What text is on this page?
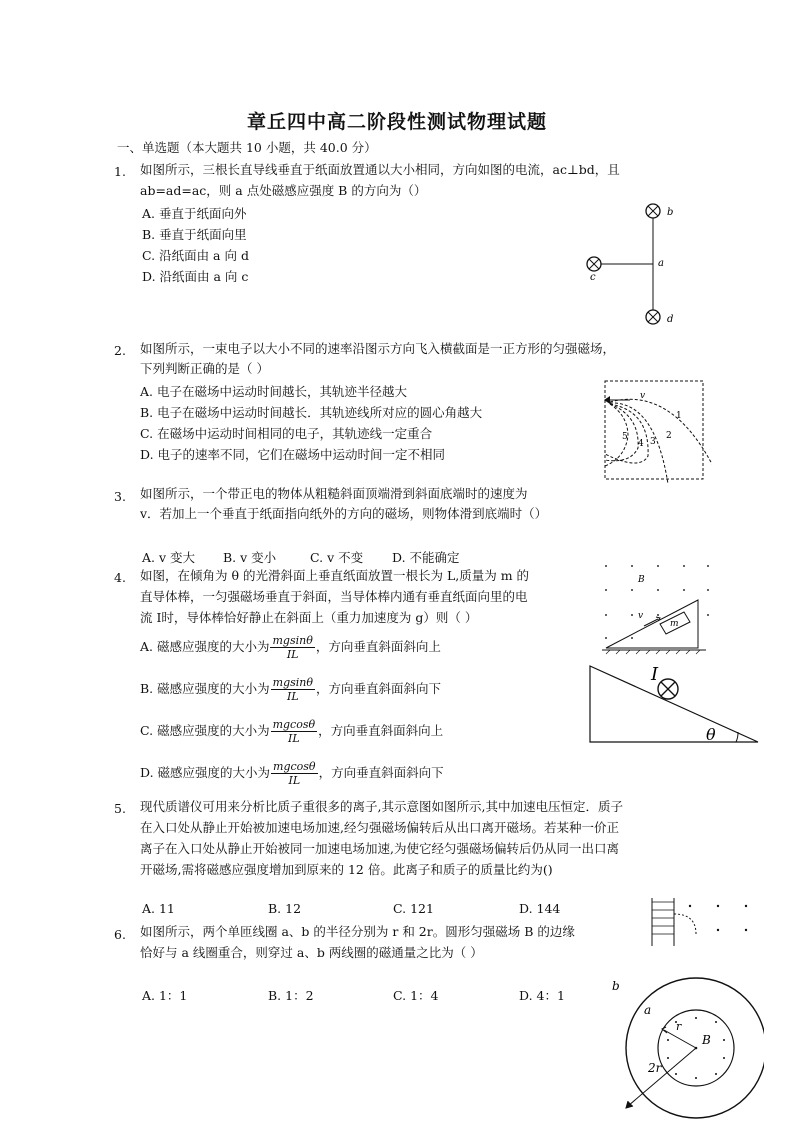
章丘四中高二阶段性测试物理试题
一、单选题（本大题共 10 小题，共 40.0 分）
1. 如图所示，三根长直导线垂直于纸面放置通以大小相同，方向如图的电流，ac⊥bd，且
ab=ad=ac，则 a 点处磁感应强度 B 的方向为（）
A. 垂直于纸面向外
B. 垂直于纸面向里
C. 沿纸面由 a 向 d
D. 沿纸面由 a 向 c
b
a
c
d
2. 如图所示，一束电子以大小不同的速率沿图示方向飞入横截面是一正方形的匀强磁场，
下列判断正确的是（ ）
A. 电子在磁场中运动时间越长，其轨迹半径越大
B. 电子在磁场中运动时间越长．其轨迹线所对应的圆心角越大
C. 在磁场中运动时间相同的电子，其轨迹线一定重合
D. 电子的速率不同，它们在磁场中运动时间一定不相同
v
1
2
3
4
5
3. 如图所示，一个带正电的物体从粗糙斜面顶端滑到斜面底端时的速度为
v．若加上一个垂直于纸面指向纸外的方向的磁场，则物体滑到底端时（）
A. v 变大 B. v 变小	C. v 不变 D. 不能确定
B
v
m
4. 如图，在倾角为 θ 的光滑斜面上垂直纸面放置一根长为 L,质量为 m 的
直导体棒，一匀强磁场垂直于斜面，当导体棒内通有垂直纸面向里的电
流 I时，导体棒恰好静止在斜面上（重力加速度为 g）则（ ）
A. 磁感应强度的大小为 $\frac{mgsin\theta}{IL}$ ，方向垂直斜面斜向上
B. 磁感应强度的大小为 $\frac{mgsin\theta}{IL}$ ，方向垂直斜面斜向下
C. 磁感应强度的大小为 $\frac{mgcos\theta}{IL}$ ，方向垂直斜面斜向上
D. 磁感应强度的大小为 $\frac{mgcos\theta}{IL}$ ，方向垂直斜面斜向下
I
θ
5. 现代质谱仪可用来分析比质子重很多的离子,其示意图如图所示,其中加速电压恒定．质子
在入口处从静止开始被加速电场加速,经匀强磁场偏转后从出口离开磁场。若某种一价正
离子在入口处从静止开始被同一加速电场加速,为使它经匀强磁场偏转后仍从同一出口离
开磁场,需将磁感应强度增加到原来的 12 倍。此离子和质子的质量比约为()
A. 11	B. 12	C. 121	D. 144
6. 如图所示，两个单匝线圈 a、b 的半径分别为 r 和 2r。圆形匀强磁场 B 的边缘
恰好与 a 线圈重合，则穿过 a、b 两线圈的磁通量之比为（ ）
A. 1：1	B. 1：2	C. 1：4	D. 4：1
b
a
r
B
2r
